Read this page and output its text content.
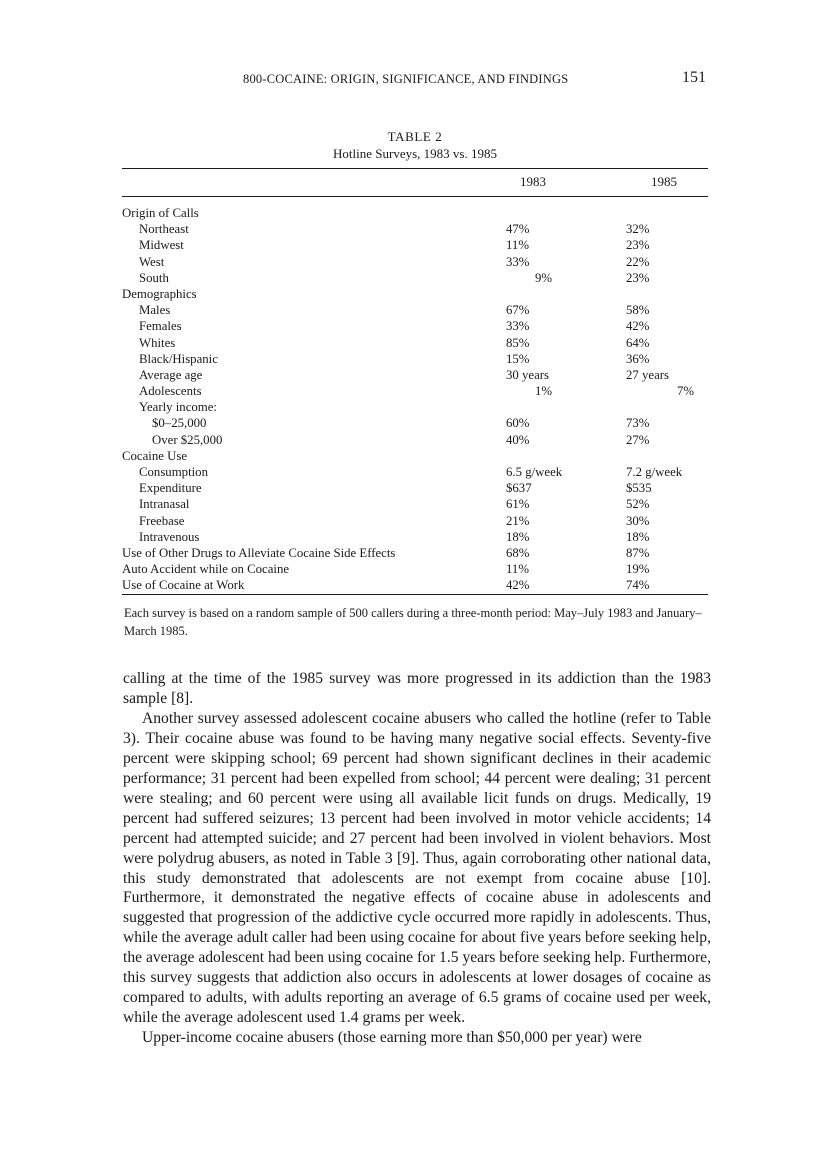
800-COCAINE: ORIGIN, SIGNIFICANCE, AND FINDINGS	151
TABLE 2
Hotline Surveys, 1983 vs. 1985
1983	1985
Origin of Calls
Northeast	47%	32%
Midwest	11%	23%
West	33%	22%
South	9%	23%
Demographics
Males	67%	58%
Females	33%	42%
Whites	85%	64%
Black/Hispanic	15%	36%
Average age	30 years	27 years
Adolescents	1%	7%
Yearly income:
$0–25,000	60%	73%
Over $25,000	40%	27%
Cocaine Use
Consumption	6.5 g/week	7.2 g/week
Expenditure	$637	$535
Intranasal	61%	52%
Freebase	21%	30%
Intravenous	18%	18%
Use of Other Drugs to Alleviate Cocaine Side Effects	68%	87%
Auto Accident while on Cocaine	11%	19%
Use of Cocaine at Work	42%	74%
Each survey is based on a random sample of 500 callers during a three-month period: May–July 1983 and January–March 1985.

calling at the time of the 1985 survey was more progressed in its addiction than the 1983 sample [8].

Another survey assessed adolescent cocaine abusers who called the hotline (refer to Table 3). Their cocaine abuse was found to be having many negative social effects. Seventy-five percent were skipping school; 69 percent had shown significant declines in their academic performance; 31 percent had been expelled from school; 44 percent were dealing; 31 percent were stealing; and 60 percent were using all available licit funds on drugs. Medically, 19 percent had suffered seizures; 13 percent had been involved in motor vehicle accidents; 14 percent had attempted suicide; and 27 percent had been involved in violent behaviors. Most were polydrug abusers, as noted in Table 3 [9]. Thus, again corroborating other national data, this study demonstrated that adolescents are not exempt from cocaine abuse [10]. Furthermore, it demonstrated the negative effects of cocaine abuse in adolescents and suggested that progression of the addictive cycle occurred more rapidly in adolescents. Thus, while the average adult caller had been using cocaine for about five years before seeking help, the average adolescent had been using cocaine for 1.5 years before seeking help. Furthermore, this survey suggests that addiction also occurs in adolescents at lower dosages of cocaine as compared to adults, with adults reporting an average of 6.5 grams of cocaine used per week, while the average adolescent used 1.4 grams per week.

Upper-income cocaine abusers (those earning more than $50,000 per year) were
